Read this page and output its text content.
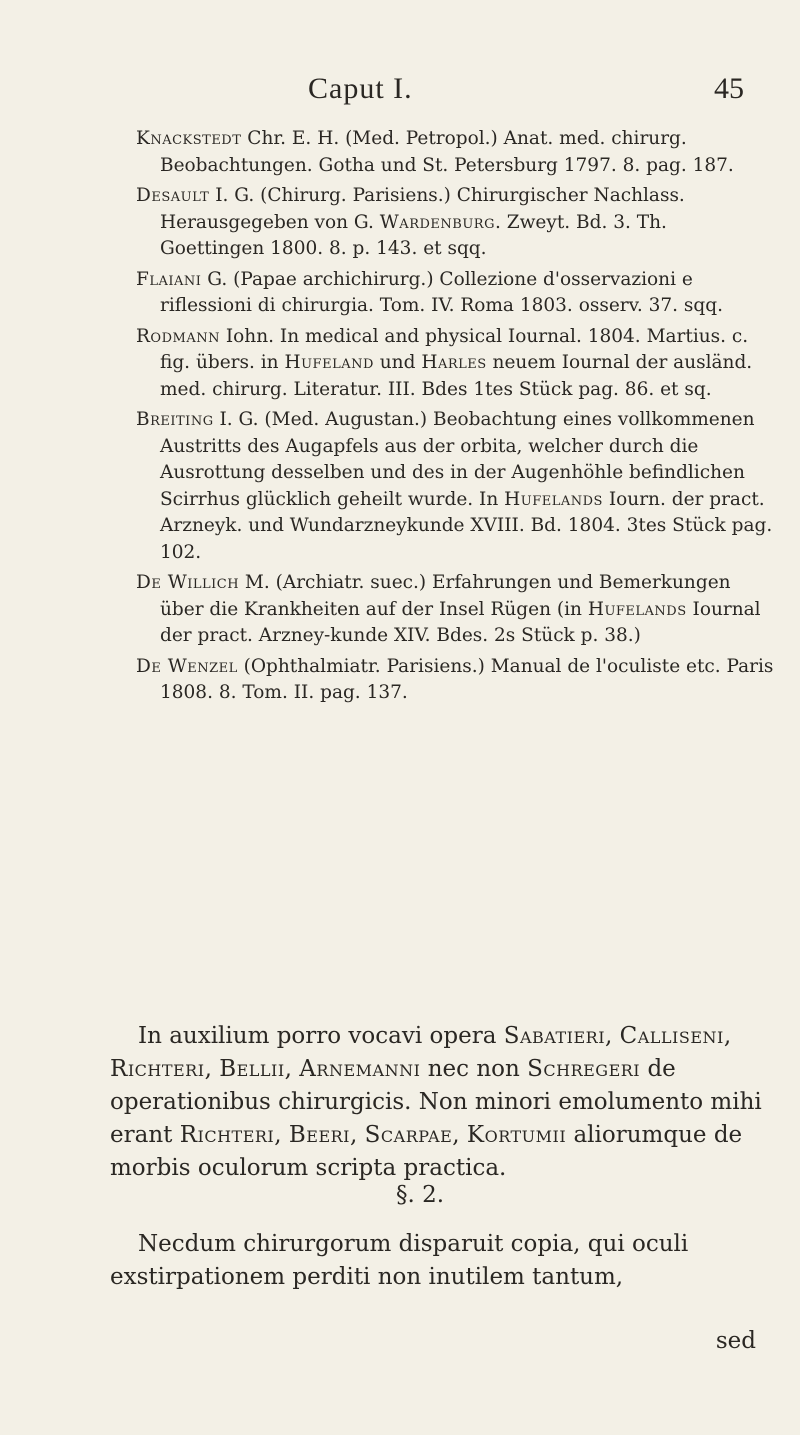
Caput I.	45

Knackstedt Chr. E. H. (Med. Petropol.) Anat. med. chirurg. Beobachtungen. Gotha und St. Petersburg 1797. 8. pag. 187.

Desault I. G. (Chirurg. Parisiens.) Chirurgischer Nachlass. Herausgegeben von G. Wardenburg. Zweyt. Bd. 3. Th. Goettingen 1800. 8. p. 143. et sqq.

Flaiani G. (Papae archichirurg.) Collezione d'osservazioni e riflessioni di chirurgia. Tom. IV. Roma 1803. osserv. 37. sqq.

Rodmann Iohn. In medical and physical Iournal. 1804. Martius. c. fig. übers. in Hufeland und Harles neuem Iournal der ausländ. med. chirurg. Literatur. III. Bdes 1tes Stück pag. 86. et sq.

Breiting I. G. (Med. Augustan.) Beobachtung eines vollkommenen Austritts des Augapfels aus der orbita, welcher durch die Ausrottung desselben und des in der Augenhöhle befindlichen Scirrhus glücklich geheilt wurde. In Hufelands Iourn. der pract. Arzneyk. und Wundarzneykunde XVIII. Bd. 1804. 3tes Stück pag. 102.

De Willich M. (Archiatr. suec.) Erfahrungen und Bemerkungen über die Krankheiten auf der Insel Rügen (in Hufelands Iournal der pract. Arzney-kunde XIV. Bdes. 2s Stück p. 38.)

De Wenzel (Ophthalmiatr. Parisiens.) Manual de l'oculiste etc. Paris 1808. 8. Tom. II. pag. 137.

In auxilium porro vocavi opera Sabatieri, Calliseni, Richteri, Bellii, Arnemanni nec non Schregeri de operationibus chirurgicis. Non minori emolumento mihi erant Richteri, Beeri, Scarpae, Kortumii aliorumque de morbis oculorum scripta practica.

§. 2.

Necdum chirurgorum disparuit copia, qui oculi exstirpationem perditi non inutilem tantum,

sed
